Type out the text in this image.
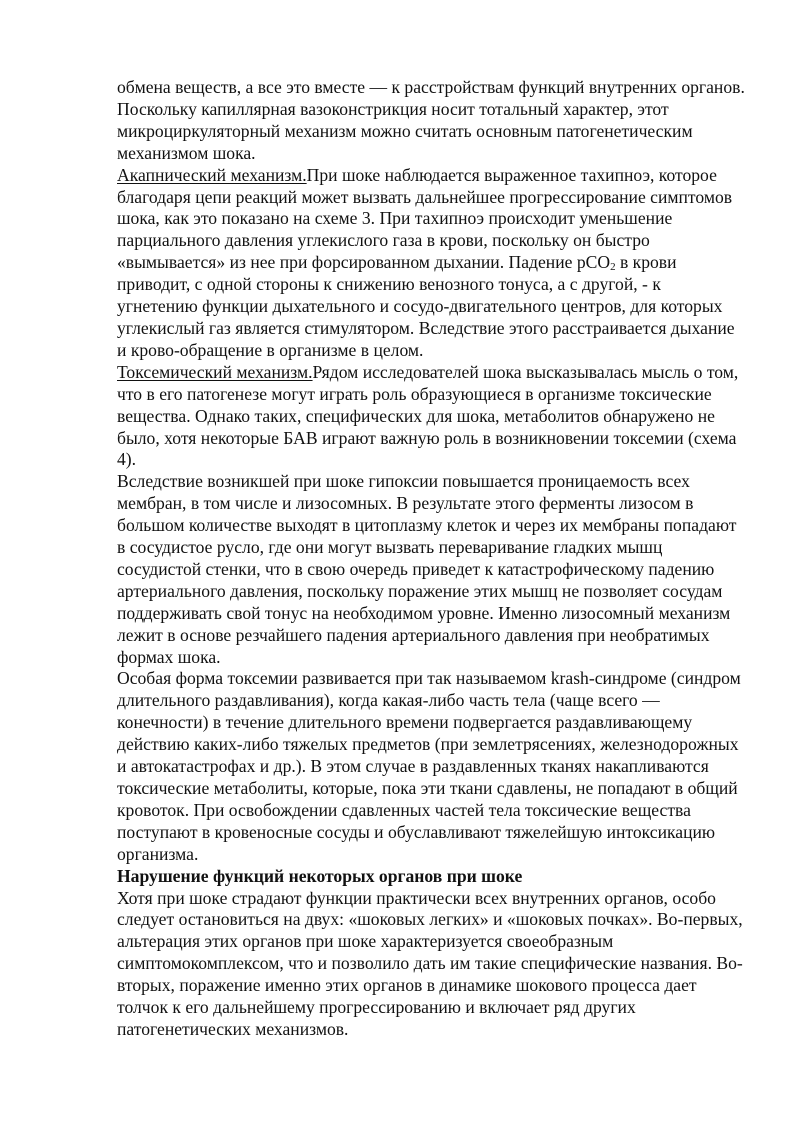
обмена веществ, а все это вместе — к расстройствам функций внутренних органов. Поскольку капиллярная вазоконстрикция носит тотальный характер, этот микроциркуляторный механизм можно считать основным патогенетическим механизмом шока.

Акапнический механизм.При шоке наблюдается выраженное тахипноэ, которое благодаря цепи реакций может вызвать дальнейшее прогрессирование симптомов шока, как это показано на схеме 3. При тахипноэ происходит уменьшение парциального давления углекислого газа в крови, поскольку он быстро «вымывается» из нее при форсированном дыхании. Падение pCO$_2$ в крови приводит, с одной стороны к снижению венозного тонуса, а с другой, - к угнетению функции дыхательного и сосудо-двигательного центров, для которых углекислый газ является стимулятором. Вследствие этого расстраивается дыхание и крово-обращение в организме в целом.

Токсемический механизм.Рядом исследователей шока высказывалась мысль о том, что в его патогенезе могут играть роль образующиеся в организме токсические вещества. Однако таких, специфических для шока, метаболитов обнаружено не было, хотя некоторые БАВ играют важную роль в возникновении токсемии (схема 4).

Вследствие возникшей при шоке гипоксии повышается проницаемость всех мембран, в том числе и лизосомных. В результате этого ферменты лизосом в большом количестве выходят в цитоплазму клеток и через их мембраны попадают в сосудистое русло, где они могут вызвать переваривание гладких мышц сосудистой стенки, что в свою очередь приведет к катастрофическому падению артериального давления, поскольку поражение этих мышц не позволяет сосудам поддерживать свой тонус на необходимом уровне. Именно лизосомный механизм лежит в основе резчайшего падения артериального давления при необратимых формах шока.

Особая форма токсемии развивается при так называемом krash-синдроме (синдром длительного раздавливания), когда какая-либо часть тела (чаще всего — конечности) в течение длительного времени подвергается раздавливающему действию каких-либо тяжелых предметов (при землетрясениях, железнодорожных и автокатастрофах и др.). В этом случае в раздавленных тканях накапливаются токсические метаболиты, которые, пока эти ткани сдавлены, не попадают в общий кровоток. При освобождении сдавленных частей тела токсические вещества поступают в кровеносные сосуды и обуславливают тяжелейшую интоксикацию организма.

Нарушение функций некоторых органов при шоке

Хотя при шоке страдают функции практически всех внутренних органов, особо следует остановиться на двух: «шоковых легких» и «шоковых почках». Во-первых, альтерация этих органов при шоке характеризуется своеобразным симптомокомплексом, что и позволило дать им такие специфические названия. Во-вторых, поражение именно этих органов в динамике шокового процесса дает толчок к его дальнейшему прогрессированию и включает ряд других патогенетических механизмов.
